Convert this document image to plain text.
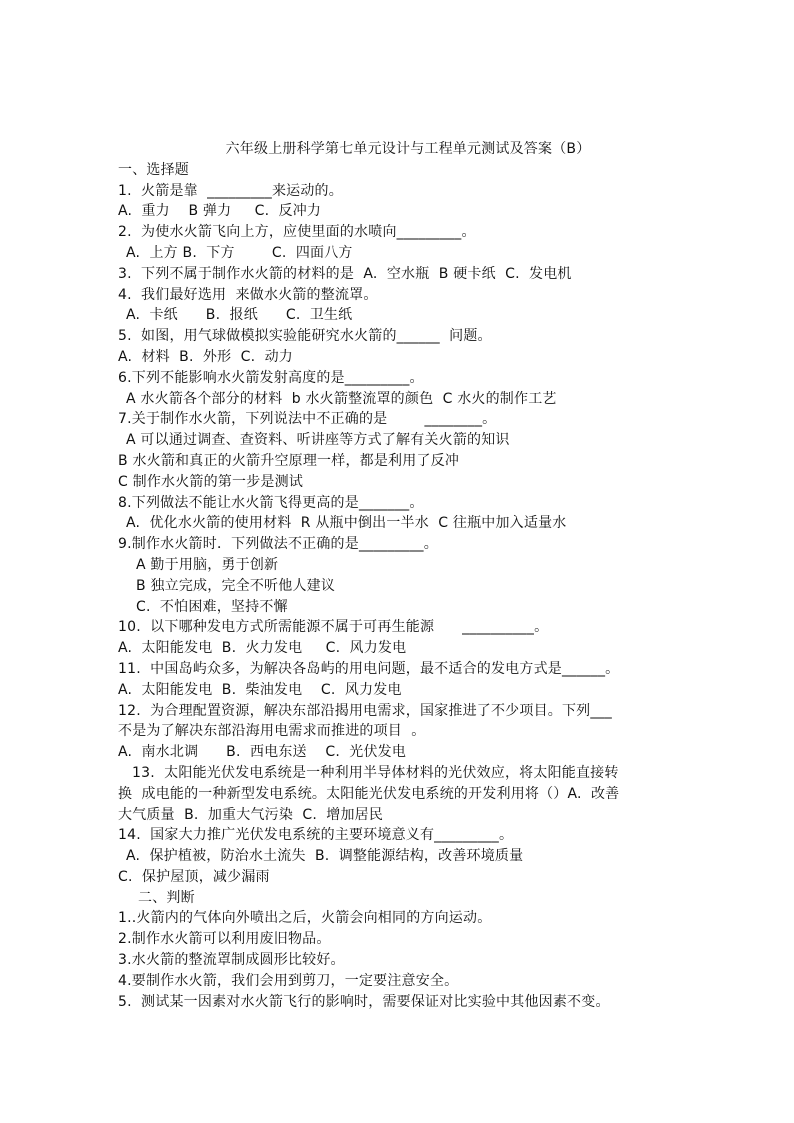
六年级上册科学第七单元设计与工程单元测试及答案（B）
一、选择题
1.  火箭是靠  _________来运动的。
A.  重力    B 弹力     C.  反冲力
2.  为使水火箭飞向上方，应使里面的水喷向_________。
A.  上方 B.  下方        C.  四面八方
3.  下列不属于制作水火箭的材料的是  A.  空水瓶  B 硬卡纸  C.  发电机
4.  我们最好选用  来做水火箭的整流罩。
A.  卡纸      B.  报纸      C.  卫生纸
5.  如图，用气球做模拟实验能研究水火箭的______  问题。
A.  材料  B.  外形  C.  动力
6.下列不能影响水火箭发射高度的是_________。
A 水火箭各个部分的材料  b 水火箭整流罩的颜色  C 水火的制作工艺
7.关于制作水火箭，下列说法中不正确的是        ________。
A 可以通过调查、查资料、听讲座等方式了解有关火箭的知识
B 水火箭和真正的火箭升空原理一样，都是利用了反冲
C 制作水火箭的第一步是测试
8.下列做法不能让水火箭飞得更高的是_______。
A.  优化水火箭的使用材料  R 从瓶中倒出一半水  C 往瓶中加入适量水
9.制作水火箭时．下列做法不正确的是_________。
A 勤于用脑，勇于创新
B 独立完成，完全不听他人建议
C.  不怕困难，坚持不懈
10.  以下哪种发电方式所需能源不属于可再生能源      __________。
A.  太阳能发电  B.  火力发电     C.  风力发电
11.  中国岛屿众多，为解决各岛屿的用电问题，最不适合的发电方式是______。
A.  太阳能发电  B.  柴油发电    C.  风力发电
12.  为合理配置资源，解决东部沿揭用电需求，国家推进了不少项目。下列___
不是为了解决东部沿海用电需求而推进的项目  。
A.  南水北调      B.  西电东送    C.  光伏发电
13.  太阳能光伏发电系统是一种利用半导体材料的光伏效应，将太阳能直接转
换  成电能的一种新型发电系统。太阳能光伏发电系统的开发利用将（）A.  改善
大气质量  B.  加重大气污染  C.  增加居民
14.  国家大力推广光伏发电系统的主要环境意义有_________。
A.  保护植被，防治水土流失  B.  调整能源结构，改善环境质量
C.  保护屋顶，减少漏雨
二、判断
1..火箭内的气体向外喷出之后，火箭会向相同的方向运动。
2.制作水火箭可以利用废旧物品。
3.水火箭的整流罩制成圆形比较好。
4.要制作水火箭，我们会用到剪刀，一定要注意安全。
5.  测试某一因素对水火箭飞行的影响时，需要保证对比实验中其他因素不变。
